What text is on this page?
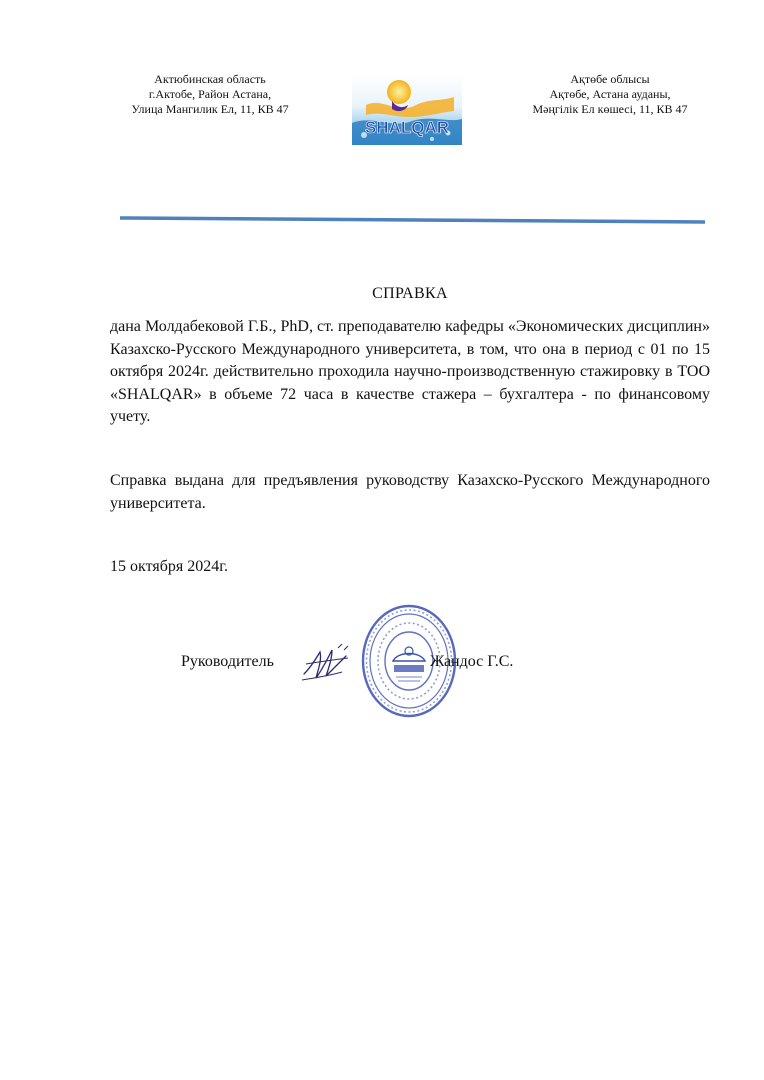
Актюбинская область
г.Актобе, Район Астана,
Улица Мангилик Ел, 11, КВ 47
SHALQAR
Ақтөбе облысы
Ақтөбе, Астана ауданы,
Мәңгілік Ел көшесі, 11, КВ 47
СПРАВКА
дана Молдабековой Г.Б., PhD, ст. преподавателю кафедры «Экономических дисциплин» Казахско-Русского Международного университета, в том, что она в период с 01 по 15 октября 2024г. действительно проходила научно-производственную стажировку в ТОО «SHALQAR» в объеме 72 часа в качестве стажера – бухгалтера - по финансовому учету.
Справка выдана для предъявления руководству Казахско-Русского Международного университета.
15 октября 2024г.
Руководитель	Жандос Г.С.
